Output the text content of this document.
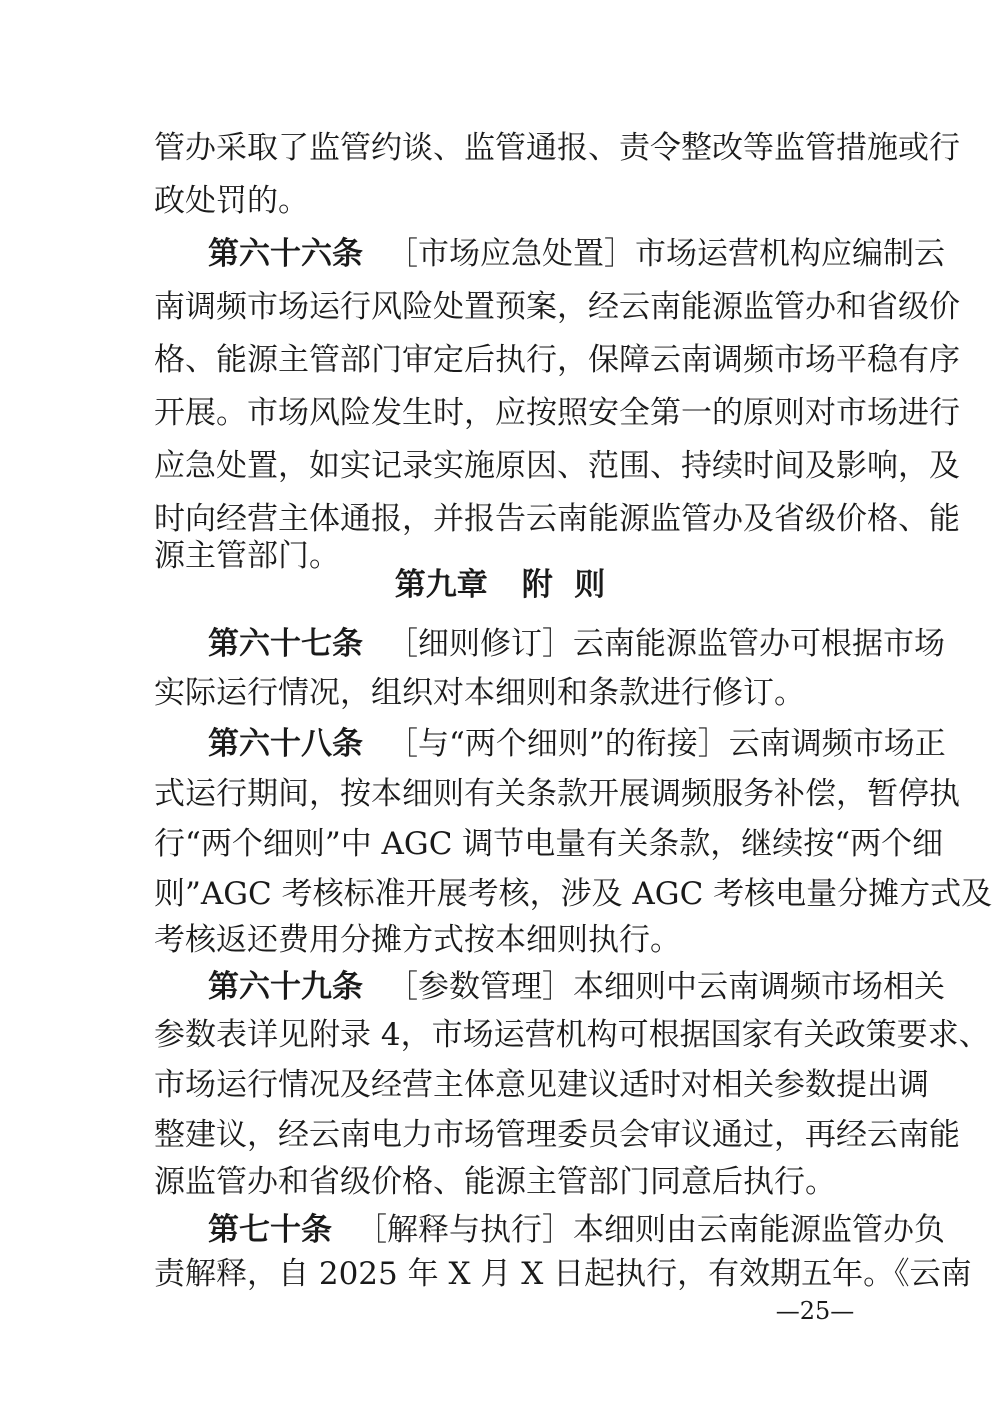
管办采取了监管约谈、监管通报、责令整改等监管措施或行
政处罚的。
第六十六条 ［市场应急处置］市场运营机构应编制云
南调频市场运行风险处置预案，经云南能源监管办和省级价
格、能源主管部门审定后执行，保障云南调频市场平稳有序
开展。市场风险发生时，应按照安全第一的原则对市场进行
应急处置，如实记录实施原因、范围、持续时间及影响，及
时向经营主体通报，并报告云南能源监管办及省级价格、能
源主管部门。
第九章 附  则
第六十七条 ［细则修订］云南能源监管办可根据市场
实际运行情况，组织对本细则和条款进行修订。
第六十八条 ［与“两个细则”的衔接］云南调频市场正
式运行期间，按本细则有关条款开展调频服务补偿，暂停执
行“两个细则”中 AGC 调节电量有关条款，继续按“两个细
则”AGC 考核标准开展考核，涉及 AGC 考核电量分摊方式及
考核返还费用分摊方式按本细则执行。
第六十九条 ［参数管理］本细则中云南调频市场相关
参数表详见附录 4，市场运营机构可根据国家有关政策要求、
市场运行情况及经营主体意见建议适时对相关参数提出调
整建议，经云南电力市场管理委员会审议通过，再经云南能
源监管办和省级价格、能源主管部门同意后执行。
第七十条 ［解释与执行］本细则由云南能源监管办负
责解释，自 2025 年 X 月 X 日起执行，有效期五年。《云南
—25—
